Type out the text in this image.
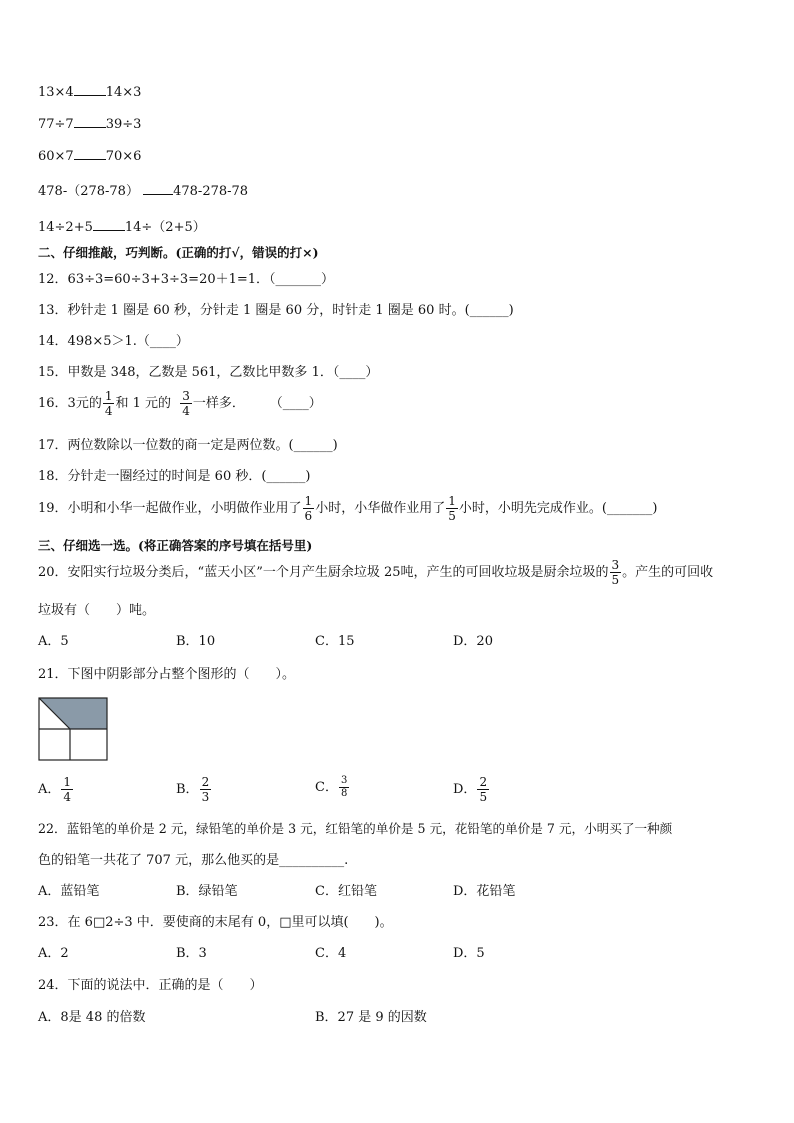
13×4 14×3
77÷7 39÷3
60×7 70×6
478-（278-78）	478-278-78
14÷2+5 14÷（2+5）
二、仔细推敲，巧判断。(正确的打√，错误的打×)
12．63÷3=60÷3+3÷3=20＋1=1．（_______）
13．秒针走 1 圈是 60 秒，分针走 1 圈是 60 分，时针走 1 圈是 60 时。(______)
14．498×5＞1.（____）
15．甲数是 348，乙数是 561，乙数比甲数多 1．（____）
16．3元的 $\frac{1}{4}$ 和 1 元的 $\frac{3}{4}$ 一样多． （____）
17．两位数除以一位数的商一定是两位数。(______)
18．分针走一圈经过的时间是 60 秒．(______)
19．小明和小华一起做作业，小明做作业用了 $\frac{1}{6}$ 小时，小华做作业用了 $\frac{1}{5}$ 小时，小明先完成作业。(_______)
三、仔细选一选。(将正确答案的序号填在括号里)
20．安阳实行垃圾分类后，“蓝天小区”一个月产生厨余垃圾 25吨，产生的可回收垃圾是厨余垃圾的 $\frac{3}{5}$ 。产生的可回收
垃圾有（　　）吨。
A．5	B．10	C．15	D．20
21．下图中阴影部分占整个图形的（　　）。
A． $\frac{1}{4}$	B． $\frac{2}{3}$	C． $\frac{3}{8}$	D． $\frac{2}{5}$
22．蓝铅笔的单价是 2 元，绿铅笔的单价是 3 元，红铅笔的单价是 5 元，花铅笔的单价是 7 元，小明买了一种颜
色的铅笔一共花了 707 元，那么他买的是__________.
A．蓝铅笔	B．绿铅笔	C．红铅笔	D．花铅笔
23．在 6□2÷3 中．要使商的末尾有 0，□里可以填(　　)。
A．2	B．3	C．4	D．5
24．下面的说法中．正确的是（　　）
A．8是 48 的倍数	B．27 是 9 的因数
